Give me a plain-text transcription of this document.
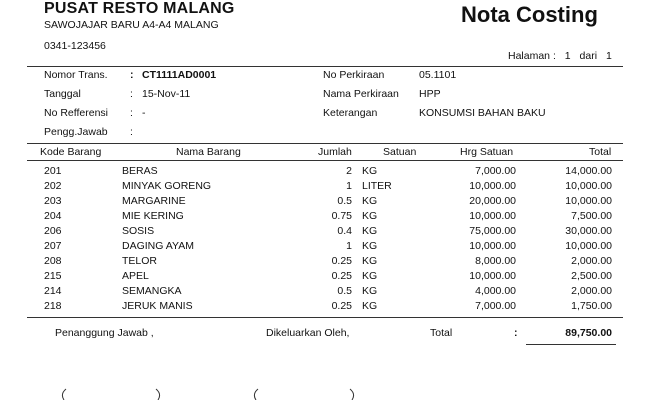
PUSAT RESTO MALANG
SAWOJAJAR BARU A4-A4 MALANG
0341-123456
Nota Costing
Halaman : 1 dari 1
Nomor Trans. : CT1111AD0001
Tanggal	: 15-Nov-11
No Refferensi : -
Pengg.Jawab :
No Perkiraan	05.1101
Nama Perkiraan HPP
Keterangan	KONSUMSI BAHAN BAKU
Kode Barang	Nama Barang	Jumlah	Satuan	Hrg Satuan	Total
201	BERAS	2 KG	7,000.00	14,000.00
202	MINYAK GORENG	1 LITER	10,000.00	10,000.00
203	MARGARINE	0.5 KG	20,000.00	10,000.00
204	MIE KERING	0.75 KG	10,000.00	7,500.00
206	SOSIS	0.4 KG	75,000.00	30,000.00
207	DAGING AYAM	1 KG	10,000.00	10,000.00
208	TELOR	0.25 KG	8,000.00	2,000.00
215	APEL	0.25 KG	10,000.00	2,500.00
214	SEMANGKA	0.5 KG	4,000.00	2,000.00
218	JERUK MANIS	0.25 KG	7,000.00	1,750.00
Penanggung Jawab ,	Dikeluarkan Oleh,	Total	:	89,750.00
